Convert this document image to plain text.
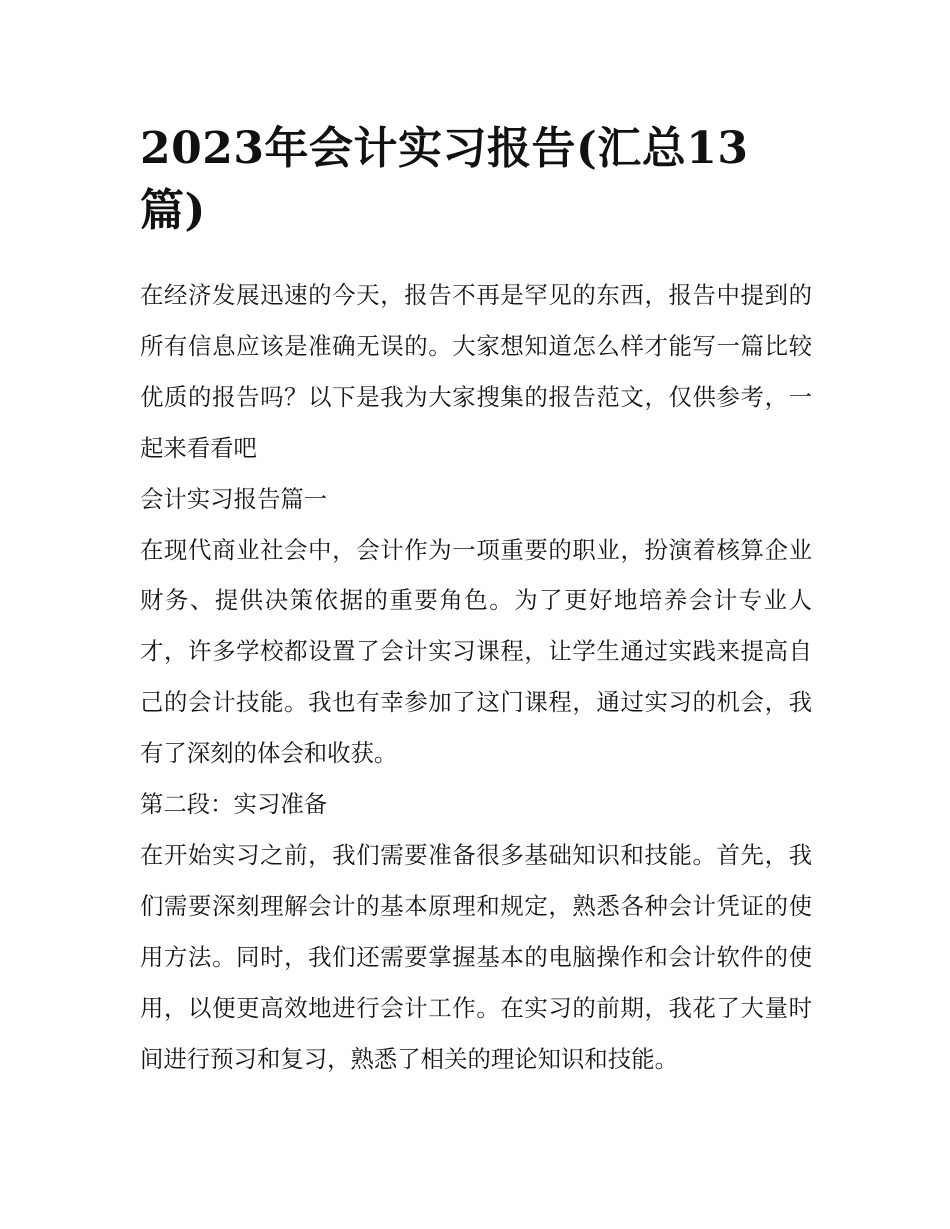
2023年会计实习报告(汇总13篇)

在经济发展迅速的今天，报告不再是罕见的东西，报告中提到的所有信息应该是准确无误的。大家想知道怎么样才能写一篇比较优质的报告吗？以下是我为大家搜集的报告范文，仅供参考，一起来看看吧

会计实习报告篇一

在现代商业社会中，会计作为一项重要的职业，扮演着核算企业财务、提供决策依据的重要角色。为了更好地培养会计专业人才，许多学校都设置了会计实习课程，让学生通过实践来提高自己的会计技能。我也有幸参加了这门课程，通过实习的机会，我有了深刻的体会和收获。

第二段：实习准备

在开始实习之前，我们需要准备很多基础知识和技能。首先，我们需要深刻理解会计的基本原理和规定，熟悉各种会计凭证的使用方法。同时，我们还需要掌握基本的电脑操作和会计软件的使用，以便更高效地进行会计工作。在实习的前期，我花了大量时间进行预习和复习，熟悉了相关的理论知识和技能。
